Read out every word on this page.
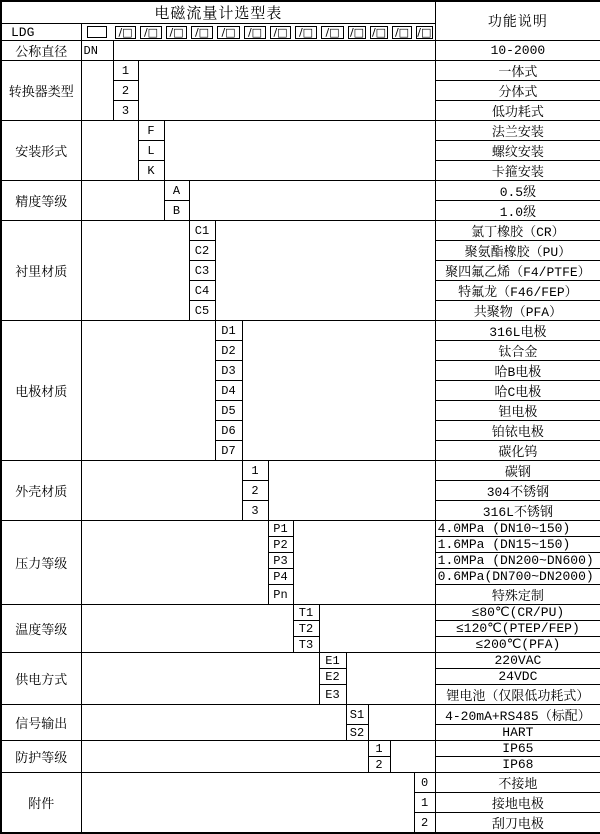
电磁流量计选型表															功能说明
LDG		/□	/□	/□	/□	/□	/□	/□	/□	/□	/□	/□	/□	/□	

公称直径	DN														10-2000
转换器类型		1													一体式
		2													分体式
		3													低功耗式
安装形式			F												法兰安装
			L												螺纹安装
			K												卡箍安装
精度等级				A											0.5级
				B											1.0级
衬里材质					C1										氯丁橡胶（CR）
					C2										聚氨酯橡胶（PU）
					C3										聚四氟乙烯（F4/PTFE）
					C4										特氟龙（F46/FEP）
					C5										共聚物（PFA）
电极材质						D1									316L电极
						D2									钛合金
						D3									哈B电极
						D4									哈C电极
						D5									钽电极
						D6									铂铱电极
						D7									碳化钨
外壳材质							1								碳钢
							2								304不锈钢
							3								316L不锈钢
压力等级								P1							4.0MPa (DN10~150)
								P2							1.6MPa (DN15~150)
								P3							1.0MPa (DN200~DN600)
								P4							0.6MPa(DN700~DN2000)
								Pn							特殊定制
温度等级									T1						≤80℃(CR/PU)
									T2						≤120℃(PTEP/FEP)
									T3						≤200℃(PFA)
供电方式										E1					220VAC
										E2					24VDC
										E3					锂电池（仅限低功耗式）
信号输出											S1				4-20mA+RS485（标配）
											S2				HART
防护等级												1			IP65
												2			IP68
附件														0	不接地
														1	接地电极
														2	刮刀电极
